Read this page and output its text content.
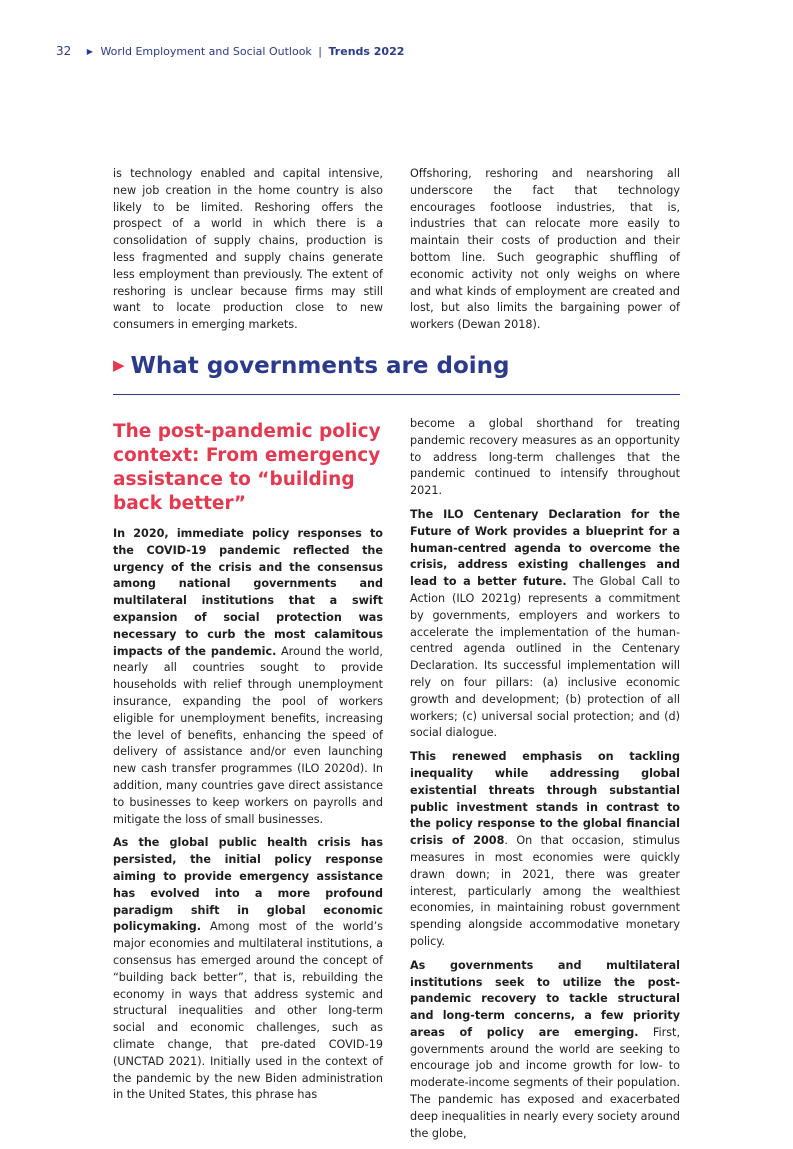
32 ▶ World Employment and Social Outlook | Trends 2022

is technology enabled and capital intensive, new job creation in the home country is also likely to be limited. Reshoring offers the prospect of a world in which there is a consolidation of supply chains, production is less fragmented and supply chains generate less employment than previously. The extent of reshoring is unclear because firms may still want to locate production close to new consumers in emerging markets.

Offshoring, reshoring and nearshoring all underscore the fact that technology encourages footloose industries, that is, industries that can relocate more easily to maintain their costs of production and their bottom line. Such geographic shuffling of economic activity not only weighs on where and what kinds of employment are created and lost, but also limits the bargaining power of workers (Dewan 2018).

▶ What governments are doing
The post-pandemic policy context: From emergency assistance to “building back better”

In 2020, immediate policy responses to the COVID-19 pandemic reflected the urgency of the crisis and the consensus among national governments and multilateral institutions that a swift expansion of social protection was necessary to curb the most calamitous impacts of the pandemic. Around the world, nearly all countries sought to provide households with relief through unemployment insurance, expanding the pool of workers eligible for unemployment benefits, increasing the level of benefits, enhancing the speed of delivery of assistance and/or even launching new cash transfer programmes (ILO 2020d). In addition, many countries gave direct assistance to businesses to keep workers on payrolls and mitigate the loss of small businesses.

As the global public health crisis has persisted, the initial policy response aiming to provide emergency assistance has evolved into a more profound paradigm shift in global economic policymaking. Among most of the world’s major economies and multilateral institutions, a consensus has emerged around the concept of “building back better”, that is, rebuilding the economy in ways that address systemic and structural inequalities and other long-term social and economic challenges, such as climate change, that pre-dated COVID-19 (UNCTAD 2021). Initially used in the context of the pandemic by the new Biden administration in the United States, this phrase has

become a global shorthand for treating pandemic recovery measures as an opportunity to address long-term challenges that the pandemic continued to intensify throughout 2021.

The ILO Centenary Declaration for the Future of Work provides a blueprint for a human-centred agenda to overcome the crisis, address existing challenges and lead to a better future. The Global Call to Action (ILO 2021g) represents a commitment by governments, employers and workers to accelerate the implementation of the human-centred agenda outlined in the Centenary Declaration. Its successful implementation will rely on four pillars: (a) inclusive economic growth and development; (b) protection of all workers; (c) universal social protection; and (d) social dialogue.

This renewed emphasis on tackling inequality while addressing global existential threats through substantial public investment stands in contrast to the policy response to the global financial crisis of 2008. On that occasion, stimulus measures in most economies were quickly drawn down; in 2021, there was greater interest, particularly among the wealthiest economies, in maintaining robust government spending alongside accommodative monetary policy.

As governments and multilateral institutions seek to utilize the post-pandemic recovery to tackle structural and long-term concerns, a few priority areas of policy are emerging. First, governments around the world are seeking to encourage job and income growth for low- to moderate-income segments of their population. The pandemic has exposed and exacerbated deep inequalities in nearly every society around the globe,
